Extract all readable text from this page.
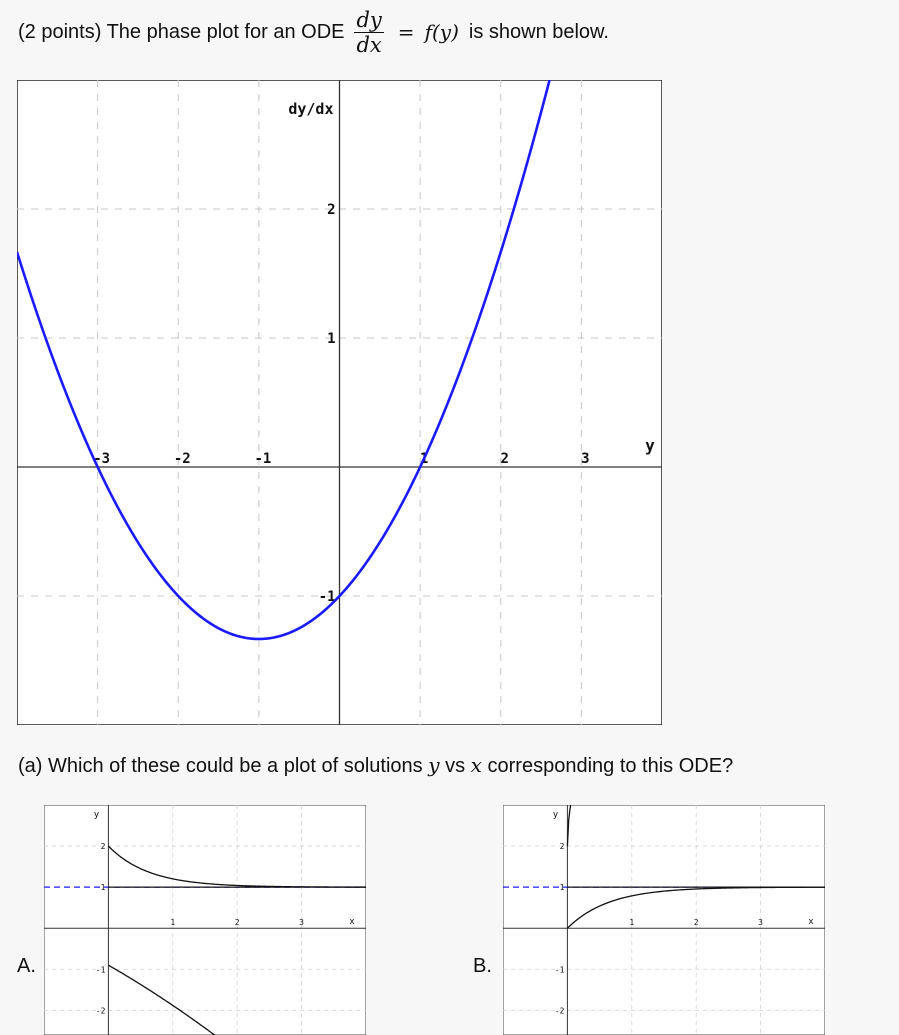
(2 points) The phase plot for an ODE $\frac{dy}{dx} = f(y)$ is shown below.
-3	-2	-1	1	2	3
2
1
-1
dy/dx
y
(a) Which of these could be a plot of solutions y vs x corresponding to this ODE?
A.
1	2	3
2
1
-1
-2
y
x
B.
1	2	3
2
1
-1
-2
y
x
